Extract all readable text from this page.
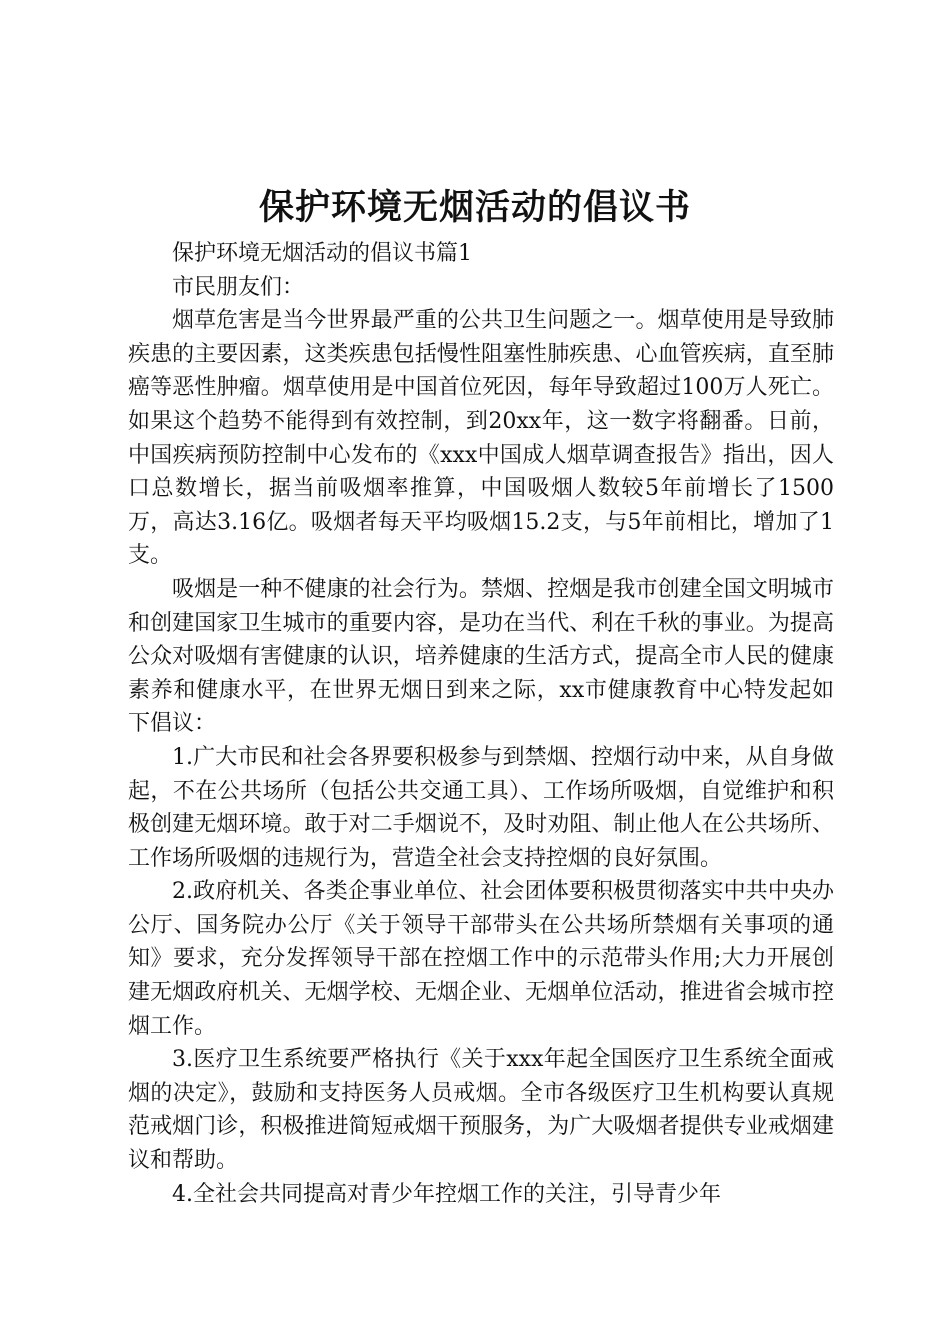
保护环境无烟活动的倡议书

保护环境无烟活动的倡议书篇1

市民朋友们：

烟草危害是当今世界最严重的公共卫生问题之一。烟草使用是导致肺疾患的主要因素，这类疾患包括慢性阻塞性肺疾患、心血管疾病，直至肺癌等恶性肿瘤。烟草使用是中国首位死因，每年导致超过100万人死亡。如果这个趋势不能得到有效控制，到20xx年，这一数字将翻番。日前，中国疾病预防控制中心发布的《xxx中国成人烟草调查报告》指出，因人口总数增长，据当前吸烟率推算，中国吸烟人数较5年前增长了1500万，高达3.16亿。吸烟者每天平均吸烟15.2支，与5年前相比，增加了1支。

吸烟是一种不健康的社会行为。禁烟、控烟是我市创建全国文明城市和创建国家卫生城市的重要内容，是功在当代、利在千秋的事业。为提高公众对吸烟有害健康的认识，培养健康的生活方式，提高全市人民的健康素养和健康水平，在世界无烟日到来之际，xx市健康教育中心特发起如下倡议：

1.广大市民和社会各界要积极参与到禁烟、控烟行动中来，从自身做起，不在公共场所（包括公共交通工具）、工作场所吸烟，自觉维护和积极创建无烟环境。敢于对二手烟说不，及时劝阻、制止他人在公共场所、工作场所吸烟的违规行为，营造全社会支持控烟的良好氛围。

2.政府机关、各类企事业单位、社会团体要积极贯彻落实中共中央办公厅、国务院办公厅《关于领导干部带头在公共场所禁烟有关事项的通知》要求，充分发挥领导干部在控烟工作中的示范带头作用;大力开展创建无烟政府机关、无烟学校、无烟企业、无烟单位活动，推进省会城市控烟工作。

3.医疗卫生系统要严格执行《关于xxx年起全国医疗卫生系统全面戒烟的决定》，鼓励和支持医务人员戒烟。全市各级医疗卫生机构要认真规范戒烟门诊，积极推进简短戒烟干预服务，为广大吸烟者提供专业戒烟建议和帮助。

4.全社会共同提高对青少年控烟工作的关注，引导青少年
